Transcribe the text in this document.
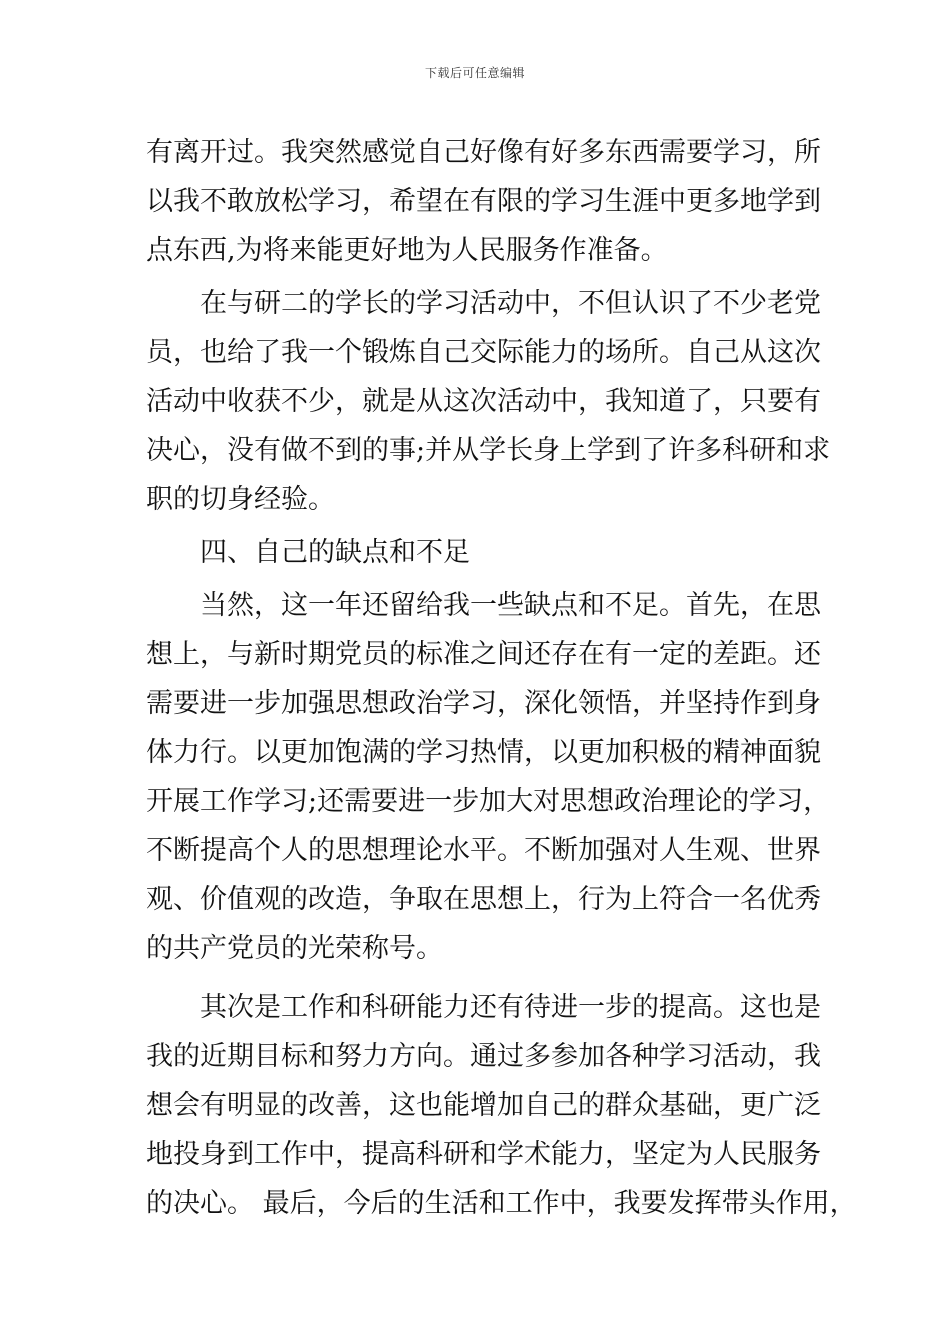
下载后可任意编辑
有离开过。我突然感觉自己好像有好多东西需要学习，所
以我不敢放松学习，希望在有限的学习生涯中更多地学到
点东西,为将来能更好地为人民服务作准备。
　　在与研二的学长的学习活动中，不但认识了不少老党
员，也给了我一个锻炼自己交际能力的场所。自己从这次
活动中收获不少，就是从这次活动中，我知道了，只要有
决心，没有做不到的事;并从学长身上学到了许多科研和求
职的切身经验。
　　四、自己的缺点和不足
　　当然，这一年还留给我一些缺点和不足。首先，在思
想上，与新时期党员的标准之间还存在有一定的差距。还
需要进一步加强思想政治学习，深化领悟，并坚持作到身
体力行。以更加饱满的学习热情，以更加积极的精神面貌
开展工作学习;还需要进一步加大对思想政治理论的学习，
不断提高个人的思想理论水平。不断加强对人生观、世界
观、价值观的改造，争取在思想上，行为上符合一名优秀
的共产党员的光荣称号。
　　其次是工作和科研能力还有待进一步的提高。这也是
我的近期目标和努力方向。通过多参加各种学习活动，我
想会有明显的改善，这也能增加自己的群众基础，更广泛
地投身到工作中，提高科研和学术能力，坚定为人民服务
的决心。 最后，今后的生活和工作中，我要发挥带头作用，
